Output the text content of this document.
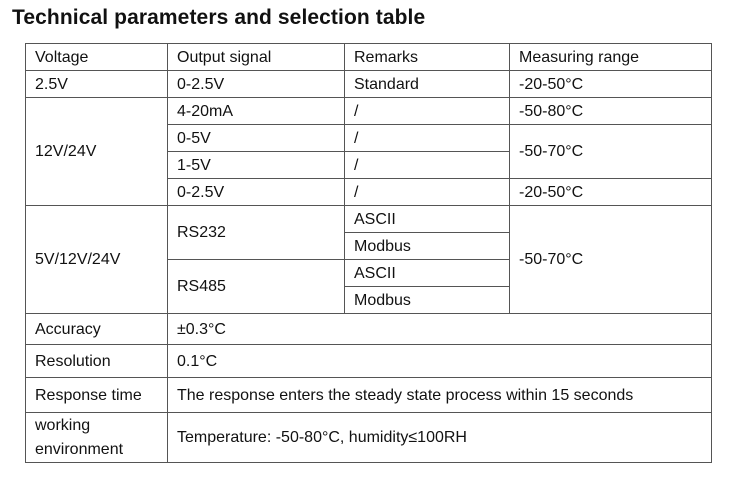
Technical parameters and selection table
Voltage	Output signal	Remarks	Measuring range
2.5V	0-2.5V	Standard	-20-50°C
12V/24V	4-20mA	/	-50-80°C
	0-5V	/	-50-70°C
	1-5V	/	
	0-2.5V	/	-20-50°C
5V/12V/24V	RS232	ASCII	-50-70°C
		Modbus	
	RS485	ASCII	
		Modbus	
Accuracy	±0.3°C		
Resolution	0.1°C		
Response time	The response enters the steady state process within 15 seconds		
working environment	Temperature: -50-80°C, humidity≤100RH		
